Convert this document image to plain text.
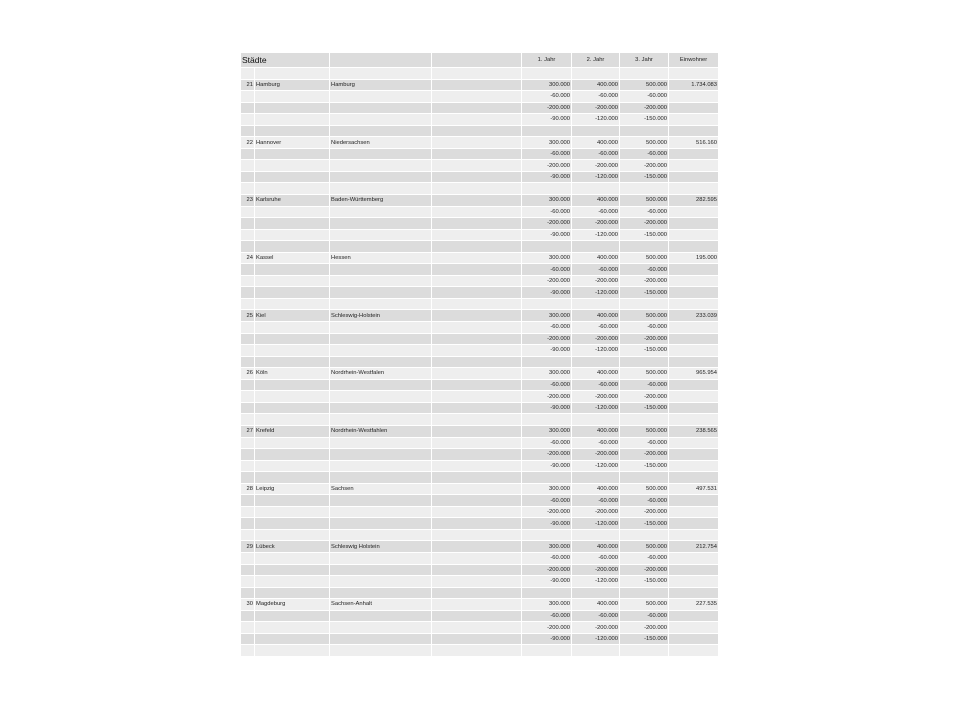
Städte				1. Jahr	2. Jahr	3. Jahr	Einwohner

21	Hamburg	Hamburg		300.000	400.000	500.000	1.734.083
				-60.000	-60.000	-60.000	
				-200.000	-200.000	-200.000	
				-90.000	-120.000	-150.000	

22	Hannover	Niedersachsen		300.000	400.000	500.000	516.160
				-60.000	-60.000	-60.000	
				-200.000	-200.000	-200.000	
				-90.000	-120.000	-150.000	

23	Karlsruhe	Baden-Württemberg		300.000	400.000	500.000	282.595
				-60.000	-60.000	-60.000	
				-200.000	-200.000	-200.000	
				-90.000	-120.000	-150.000	

24	Kassel	Hessen		300.000	400.000	500.000	195.000
				-60.000	-60.000	-60.000	
				-200.000	-200.000	-200.000	
				-90.000	-120.000	-150.000	

25	Kiel	Schleswig-Holstein		300.000	400.000	500.000	233.039
				-60.000	-60.000	-60.000	
				-200.000	-200.000	-200.000	
				-90.000	-120.000	-150.000	

26	Köln	Nordrhein-Westfalen		300.000	400.000	500.000	965.954
				-60.000	-60.000	-60.000	
				-200.000	-200.000	-200.000	
				-90.000	-120.000	-150.000	

27	Krefeld	Nordrhein-Westfahlen		300.000	400.000	500.000	238.565
				-60.000	-60.000	-60.000	
				-200.000	-200.000	-200.000	
				-90.000	-120.000	-150.000	

28	Leipzig	Sachsen		300.000	400.000	500.000	497.531
				-60.000	-60.000	-60.000	
				-200.000	-200.000	-200.000	
				-90.000	-120.000	-150.000	

29	Lübeck	Schleswig Holstein		300.000	400.000	500.000	212.754
				-60.000	-60.000	-60.000	
				-200.000	-200.000	-200.000	
				-90.000	-120.000	-150.000	

30	Magdeburg	Sachsen-Anhalt		300.000	400.000	500.000	227.535
				-60.000	-60.000	-60.000	
				-200.000	-200.000	-200.000	
				-90.000	-120.000	-150.000	
